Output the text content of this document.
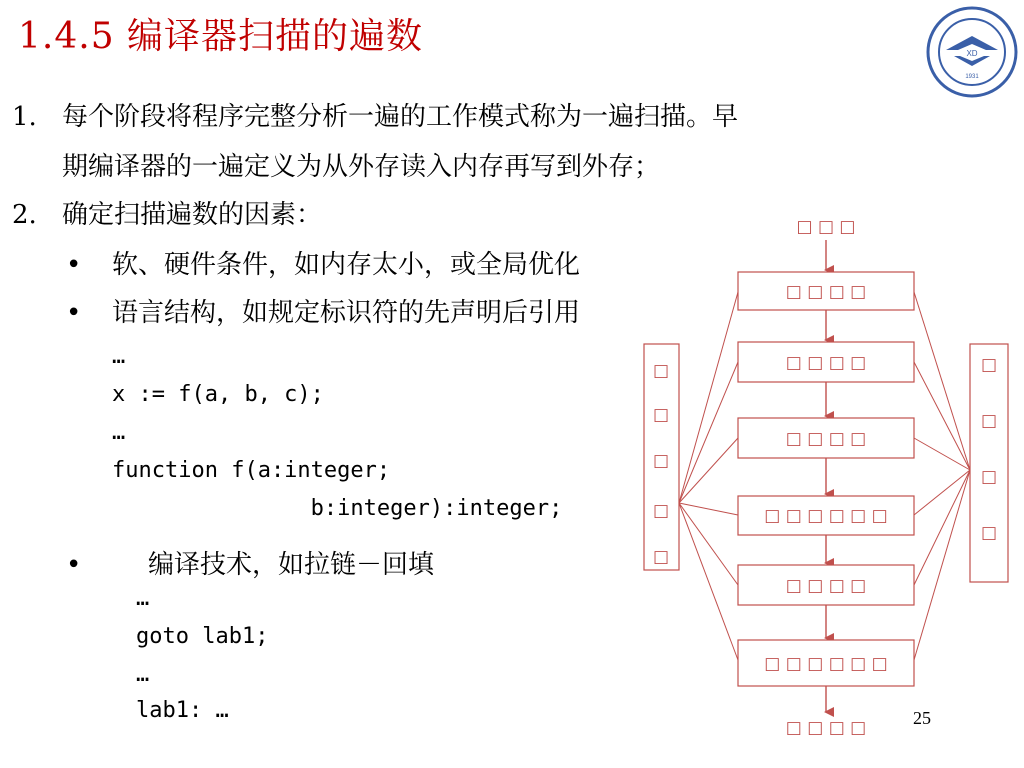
1.4.5 编译器扫描的遍数	XD
1931
1. 每个阶段将程序完整分析一遍的工作模式称为一遍扫描。早
期编译器的一遍定义为从外存读入内存再写到外存；
2. 确定扫描遍数的因素：
• 软、硬件条件，如内存太小，或全局优化
• 语言结构，如规定标识符的先声明后引用
…
x := f(a, b, c);
…
function f(a:integer;
b:integer):integer;
•	编译技术，如拉链－回填
…
goto lab1;
…
lab1: …
□ □ □
□ □ □ □
□ □ □ □
□ □ □ □
□ □ □ □ □ □
□ □ □ □
□ □ □ □ □ □
□ □ □ □
□
□
□
□
□
□
□
□
□
25
